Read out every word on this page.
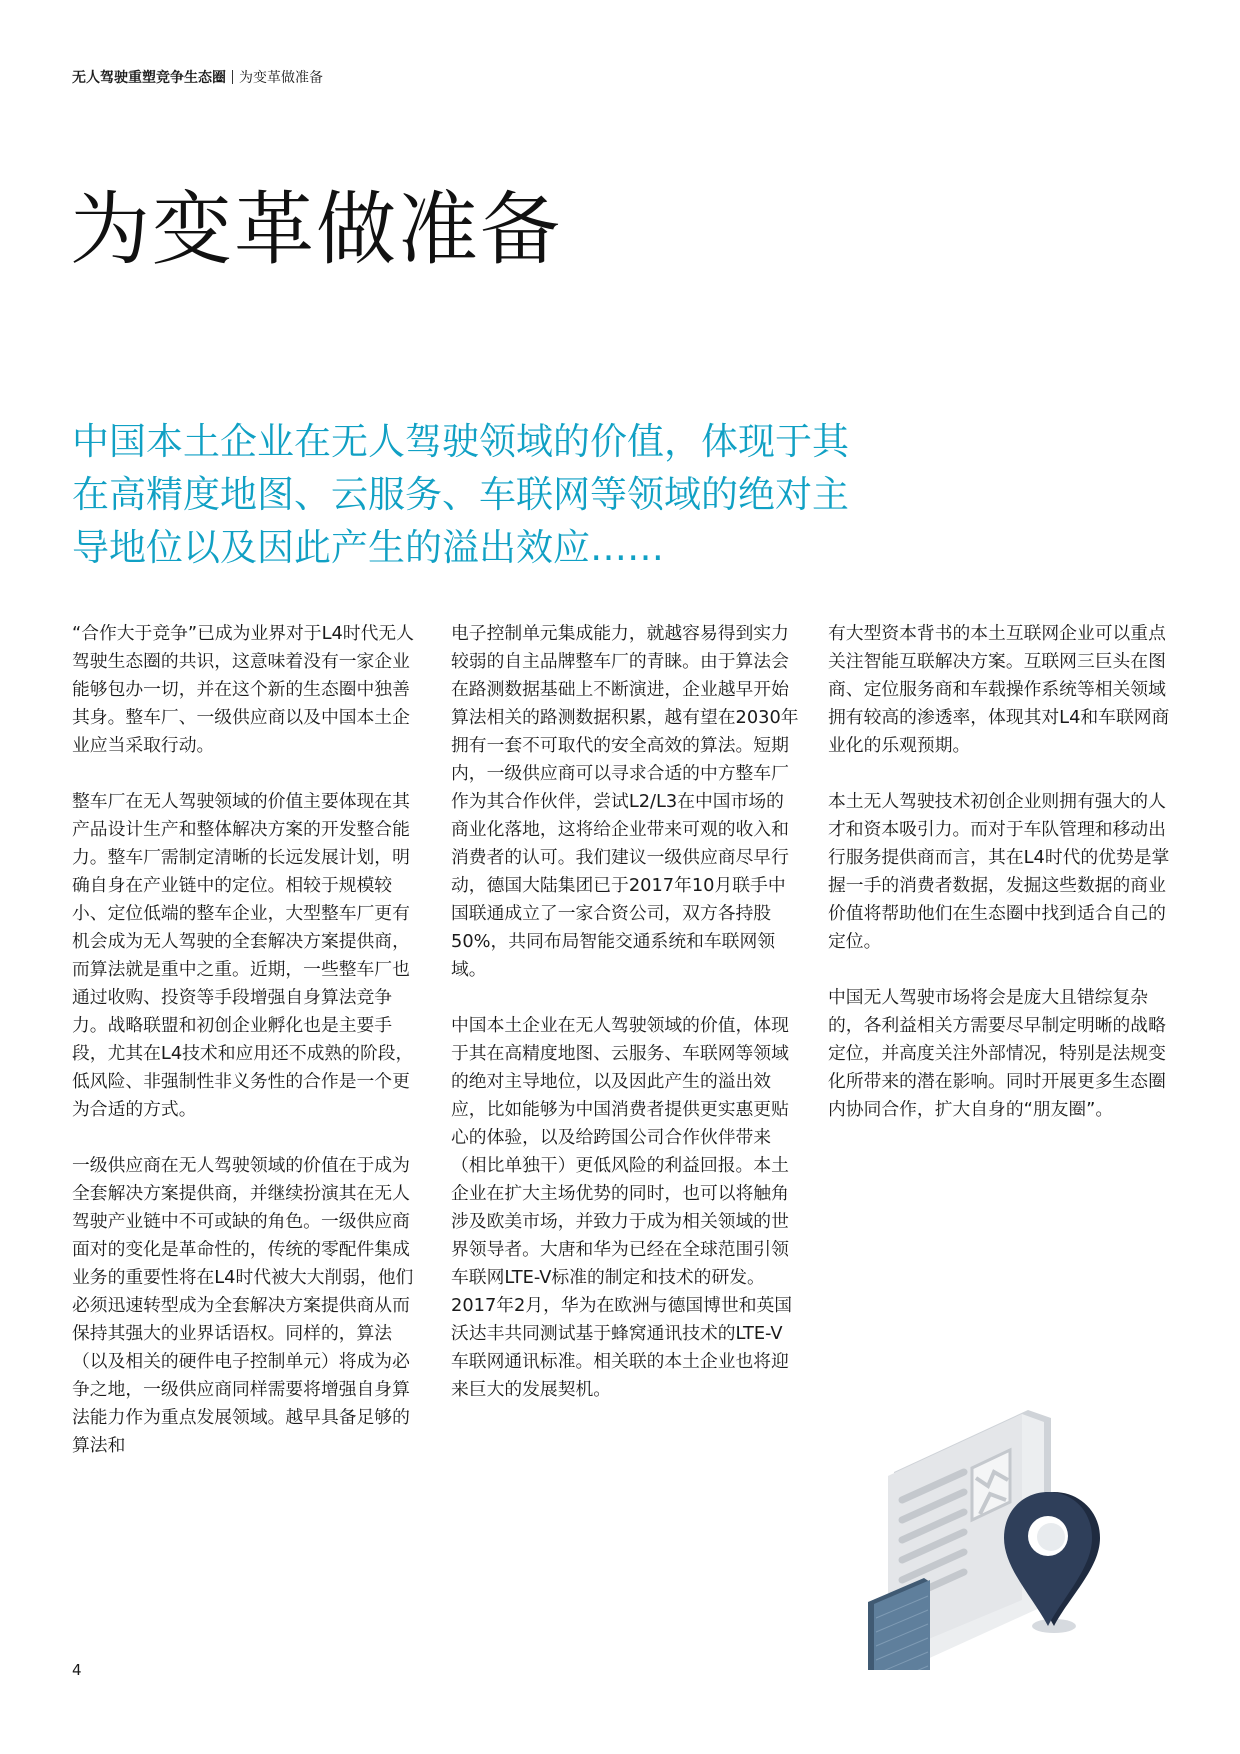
无人驾驶重塑竞争生态圈 为变革做准备
为变革做准备
中国本土企业在无人驾驶领域的价值，体现于其
在高精度地图、云服务、车联网等领域的绝对主
导地位以及因此产生的溢出效应……

“合作大于竞争”已成为业界对于L4时代无人驾驶生态圈的共识，这意味着没有一家企业能够包办一切，并在这个新的生态圈中独善其身。整车厂、一级供应商以及中国本土企业应当采取行动。

整车厂在无人驾驶领域的价值主要体现在其产品设计生产和整体解决方案的开发整合能力。整车厂需制定清晰的长远发展计划，明确自身在产业链中的定位。相较于规模较小、定位低端的整车企业，大型整车厂更有机会成为无人驾驶的全套解决方案提供商，而算法就是重中之重。近期，一些整车厂也通过收购、投资等手段增强自身算法竞争力。战略联盟和初创企业孵化也是主要手段，尤其在L4技术和应用还不成熟的阶段，低风险、非强制性非义务性的合作是一个更为合适的方式。

一级供应商在无人驾驶领域的价值在于成为全套解决方案提供商，并继续扮演其在无人驾驶产业链中不可或缺的角色。一级供应商面对的变化是革命性的，传统的零配件集成业务的重要性将在L4时代被大大削弱，他们必须迅速转型成为全套解决方案提供商从而保持其强大的业界话语权。同样的，算法（以及相关的硬件电子控制单元）将成为必争之地，一级供应商同样需要将增强自身算法能力作为重点发展领域。越早具备足够的算法和

电子控制单元集成能力，就越容易得到实力较弱的自主品牌整车厂的青睐。由于算法会在路测数据基础上不断演进，企业越早开始算法相关的路测数据积累，越有望在2030年拥有一套不可取代的安全高效的算法。短期内，一级供应商可以寻求合适的中方整车厂作为其合作伙伴，尝试L2/L3在中国市场的商业化落地，这将给企业带来可观的收入和消费者的认可。我们建议一级供应商尽早行动，德国大陆集团已于2017年10月联手中国联通成立了一家合资公司，双方各持股50%，共同布局智能交通系统和车联网领域。

中国本土企业在无人驾驶领域的价值，体现于其在高精度地图、云服务、车联网等领域的绝对主导地位，以及因此产生的溢出效应，比如能够为中国消费者提供更实惠更贴心的体验，以及给跨国公司合作伙伴带来（相比单独干）更低风险的利益回报。本土企业在扩大主场优势的同时，也可以将触角涉及欧美市场，并致力于成为相关领域的世界领导者。大唐和华为已经在全球范围引领车联网LTE-V标准的制定和技术的研发。2017年2月，华为在欧洲与德国博世和英国沃达丰共同测试基于蜂窝通讯技术的LTE-V车联网通讯标准。相关联的本土企业也将迎来巨大的发展契机。

有大型资本背书的本土互联网企业可以重点关注智能互联解决方案。互联网三巨头在图商、定位服务商和车载操作系统等相关领域拥有较高的渗透率，体现其对L4和车联网商业化的乐观预期。

本土无人驾驶技术初创企业则拥有强大的人才和资本吸引力。而对于车队管理和移动出行服务提供商而言，其在L4时代的优势是掌握一手的消费者数据，发掘这些数据的商业价值将帮助他们在生态圈中找到适合自己的定位。

中国无人驾驶市场将会是庞大且错综复杂的，各利益相关方需要尽早制定明晰的战略定位，并高度关注外部情况，特别是法规变化所带来的潜在影响。同时开展更多生态圈内协同合作，扩大自身的“朋友圈”。

4
